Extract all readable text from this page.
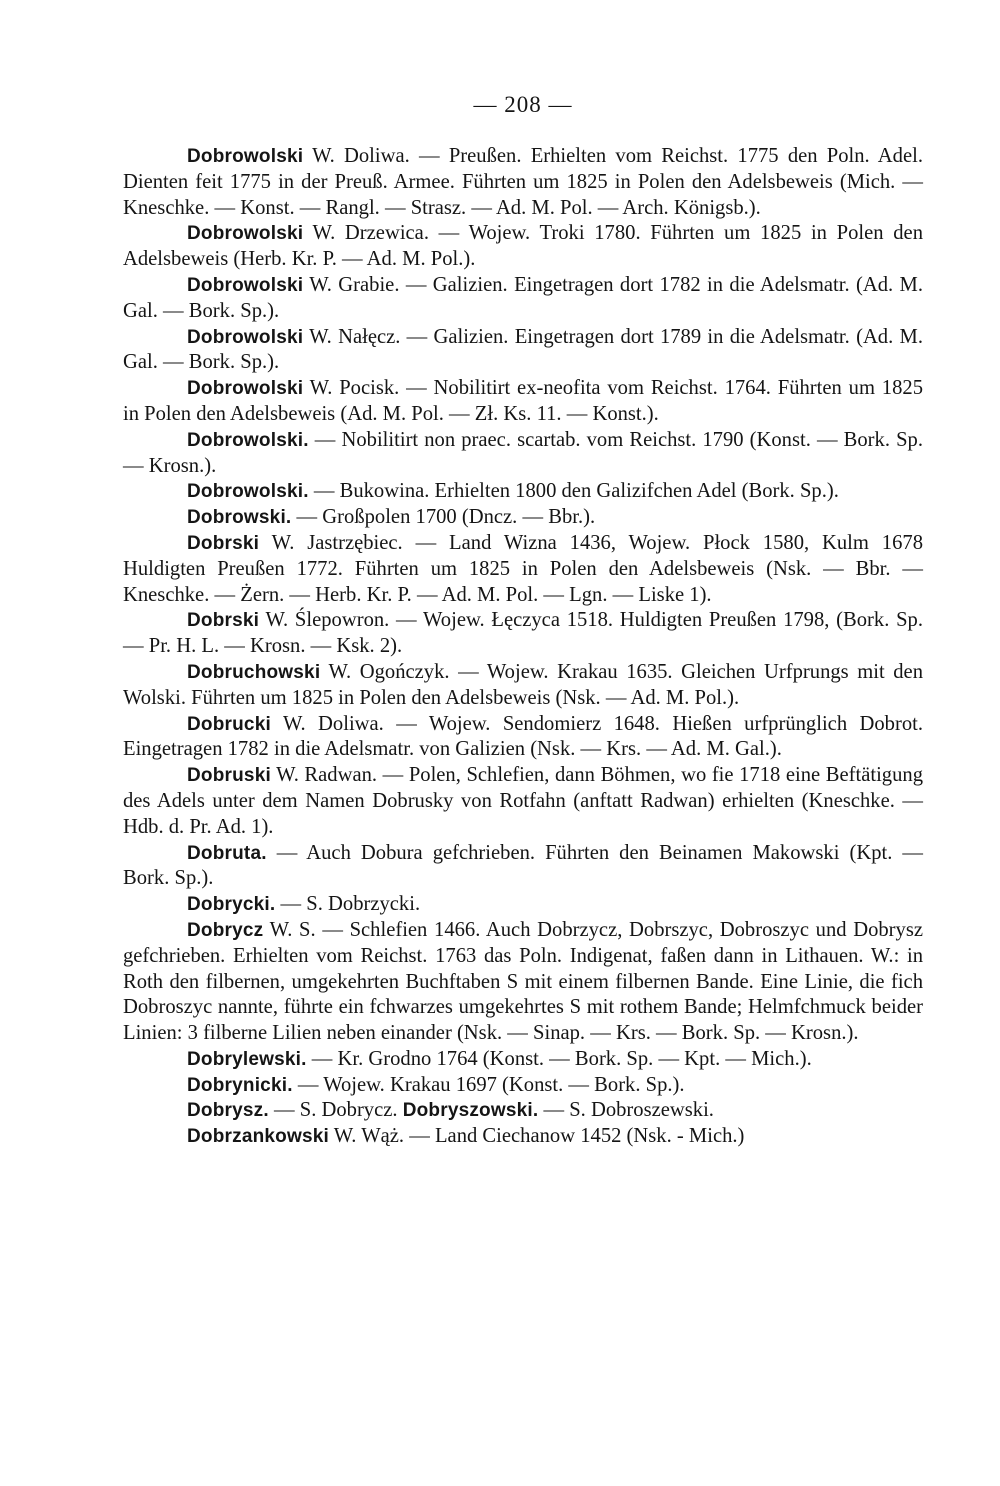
— 208 —

Dobrowolski W. Doliwa. — Preußen. Erhielten vom Reichst. 1775 den Poln. Adel. Dienten feit 1775 in der Preuß. Armee. Führten um 1825 in Polen den Adelsbeweis (Mich. — Kneschke. — Konst. — Rangl. — Strasz. — Ad. M. Pol. — Arch. Königsb.).

Dobrowolski W. Drzewica. — Wojew. Troki 1780. Führten um 1825 in Polen den Adelsbeweis (Herb. Kr. P. — Ad. M. Pol.).

Dobrowolski W. Grabie. — Galizien. Eingetragen dort 1782 in die Adelsmatr. (Ad. M. Gal. — Bork. Sp.).

Dobrowolski W. Nałęcz. — Galizien. Eingetragen dort 1789 in die Adelsmatr. (Ad. M. Gal. — Bork. Sp.).

Dobrowolski W. Pocisk. — Nobilitirt ex-neofita vom Reichst. 1764. Führten um 1825 in Polen den Adelsbeweis (Ad. M. Pol. — Zł. Ks. 11. — Konst.).

Dobrowolski. — Nobilitirt non praec. scartab. vom Reichst. 1790 (Konst. — Bork. Sp. — Krosn.).

Dobrowolski. — Bukowina. Erhielten 1800 den Galizifchen Adel (Bork. Sp.).

Dobrowski. — Großpolen 1700 (Dncz. — Bbr.).

Dobrski W. Jastrzębiec. — Land Wizna 1436, Wojew. Płock 1580, Kulm 1678 Huldigten Preußen 1772. Führten um 1825 in Polen den Adelsbeweis (Nsk. — Bbr. — Kneschke. — Żern. — Herb. Kr. P. — Ad. M. Pol. — Lgn. — Liske 1).

Dobrski W. Ślepowron. — Wojew. Łęczyca 1518. Huldigten Preußen 1798, (Bork. Sp. — Pr. H. L. — Krosn. — Ksk. 2).

Dobruchowski W. Ogończyk. — Wojew. Krakau 1635. Gleichen Urfprungs mit den Wolski. Führten um 1825 in Polen den Adelsbeweis (Nsk. — Ad. M. Pol.).

Dobrucki W. Doliwa. — Wojew. Sendomierz 1648. Hießen urfprünglich Dobrot. Eingetragen 1782 in die Adelsmatr. von Galizien (Nsk. — Krs. — Ad. M. Gal.).

Dobruski W. Radwan. — Polen, Schlefien, dann Böhmen, wo fie 1718 eine Beftätigung des Adels unter dem Namen Dobrusky von Rotfahn (anftatt Radwan) erhielten (Kneschke. — Hdb. d. Pr. Ad. 1).

Dobruta. — Auch Dobura gefchrieben. Führten den Beinamen Makowski (Kpt. — Bork. Sp.).

Dobrycki. — S. Dobrzycki.

Dobrycz W. S. — Schlefien 1466. Auch Dobrzycz, Dobrszyc, Dobroszyc und Dobrysz gefchrieben. Erhielten vom Reichst. 1763 das Poln. Indigenat, faßen dann in Lithauen. W.: in Roth den filbernen, umgekehrten Buchftaben S mit einem filbernen Bande. Eine Linie, die fich Dobroszyc nannte, führte ein fchwarzes umgekehrtes S mit rothem Bande; Helmfchmuck beider Linien: 3 filberne Lilien neben einander (Nsk. — Sinap. — Krs. — Bork. Sp. — Krosn.).

Dobrylewski. — Kr. Grodno 1764 (Konst. — Bork. Sp. — Kpt. — Mich.).

Dobrynicki. — Wojew. Krakau 1697 (Konst. — Bork. Sp.).

Dobrysz. — S. Dobrycz. Dobryszowski. — S. Dobroszewski.

Dobrzankowski W. Wąż. — Land Ciechanow 1452 (Nsk. - Mich.)
